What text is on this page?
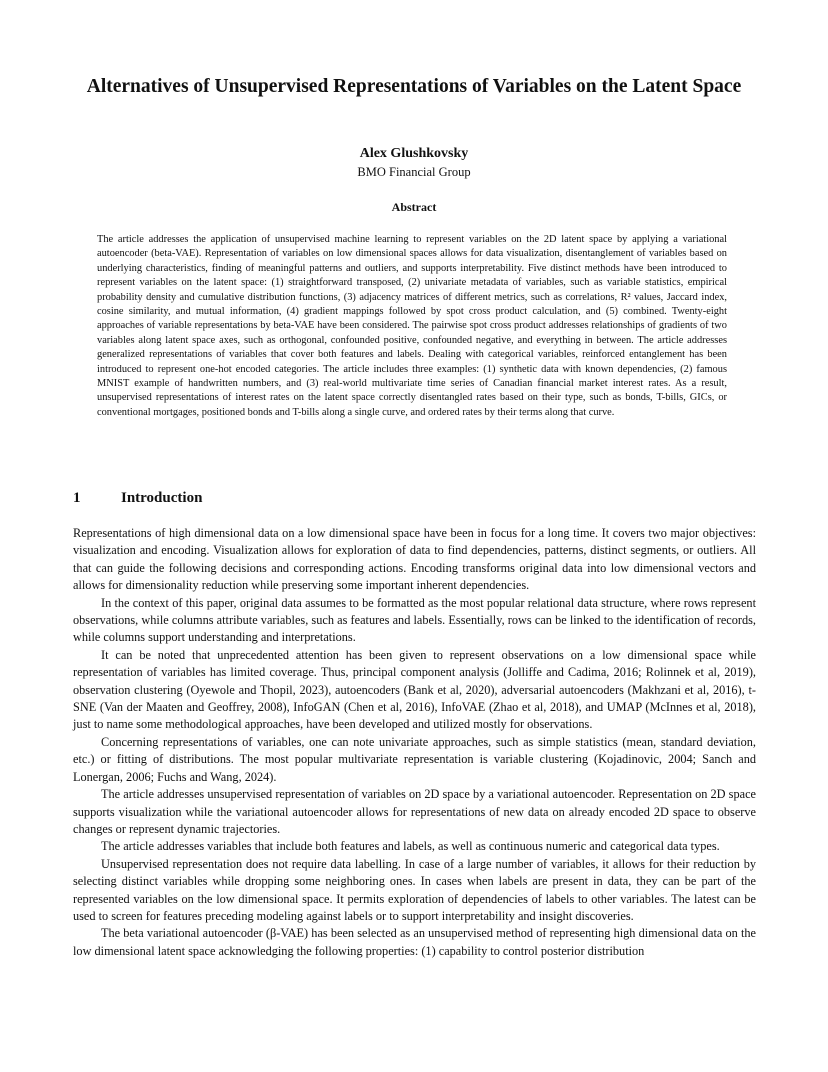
Alternatives of Unsupervised Representations of Variables on the Latent Space
Alex Glushkovsky
BMO Financial Group
Abstract
The article addresses the application of unsupervised machine learning to represent variables on the 2D latent space by applying a variational autoencoder (beta-VAE). Representation of variables on low dimensional spaces allows for data visualization, disentanglement of variables based on underlying characteristics, finding of meaningful patterns and outliers, and supports interpretability. Five distinct methods have been introduced to represent variables on the latent space: (1) straightforward transposed, (2) univariate metadata of variables, such as variable statistics, empirical probability density and cumulative distribution functions, (3) adjacency matrices of different metrics, such as correlations, R² values, Jaccard index, cosine similarity, and mutual information, (4) gradient mappings followed by spot cross product calculation, and (5) combined. Twenty-eight approaches of variable representations by beta-VAE have been considered. The pairwise spot cross product addresses relationships of gradients of two variables along latent space axes, such as orthogonal, confounded positive, confounded negative, and everything in between. The article addresses generalized representations of variables that cover both features and labels. Dealing with categorical variables, reinforced entanglement has been introduced to represent one-hot encoded categories. The article includes three examples: (1) synthetic data with known dependencies, (2) famous MNIST example of handwritten numbers, and (3) real-world multivariate time series of Canadian financial market interest rates. As a result, unsupervised representations of interest rates on the latent space correctly disentangled rates based on their type, such as bonds, T-bills, GICs, or conventional mortgages, positioned bonds and T-bills along a single curve, and ordered rates by their terms along that curve.
1	Introduction

Representations of high dimensional data on a low dimensional space have been in focus for a long time. It covers two major objectives: visualization and encoding. Visualization allows for exploration of data to find dependencies, patterns, distinct segments, or outliers. All that can guide the following decisions and corresponding actions. Encoding transforms original data into low dimensional vectors and allows for dimensionality reduction while preserving some important inherent dependencies.

In the context of this paper, original data assumes to be formatted as the most popular relational data structure, where rows represent observations, while columns attribute variables, such as features and labels. Essentially, rows can be linked to the identification of records, while columns support understanding and interpretations.

It can be noted that unprecedented attention has been given to represent observations on a low dimensional space while representation of variables has limited coverage. Thus, principal component analysis (Jolliffe and Cadima, 2016; Rolinnek et al, 2019), observation clustering (Oyewole and Thopil, 2023), autoencoders (Bank et al, 2020), adversarial autoencoders (Makhzani et al, 2016), t-SNE (Van der Maaten and Geoffrey, 2008), InfoGAN (Chen et al, 2016), InfoVAE (Zhao et al, 2018), and UMAP (McInnes et al, 2018), just to name some methodological approaches, have been developed and utilized mostly for observations.

Concerning representations of variables, one can note univariate approaches, such as simple statistics (mean, standard deviation, etc.) or fitting of distributions. The most popular multivariate representation is variable clustering (Kojadinovic, 2004; Sanch and Lonergan, 2006; Fuchs and Wang, 2024).

The article addresses unsupervised representation of variables on 2D space by a variational autoencoder. Representation on 2D space supports visualization while the variational autoencoder allows for representations of new data on already encoded 2D space to observe changes or represent dynamic trajectories.

The article addresses variables that include both features and labels, as well as continuous numeric and categorical data types.

Unsupervised representation does not require data labelling. In case of a large number of variables, it allows for their reduction by selecting distinct variables while dropping some neighboring ones. In cases when labels are present in data, they can be part of the represented variables on the low dimensional space. It permits exploration of dependencies of labels to other variables. The latest can be used to screen for features preceding modeling against labels or to support interpretability and insight discoveries.

The beta variational autoencoder (β-VAE) has been selected as an unsupervised method of representing high dimensional data on the low dimensional latent space acknowledging the following properties: (1) capability to control posterior distribution
